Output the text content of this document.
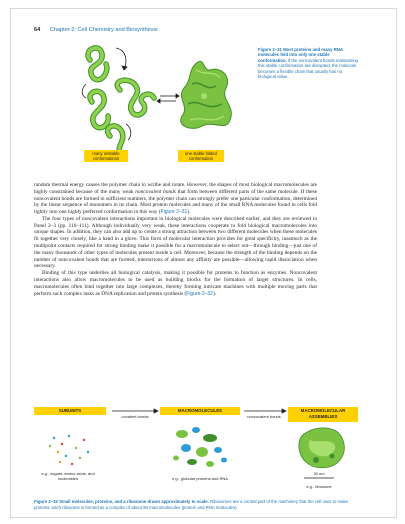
64 Chapter 2: Cell Chemistry and Biosynthesis
many unstable conformations
one stable folded conformation
Figure 2–31 Most proteins and many RNA molecules fold into only one stable conformation. If the noncovalent bonds maintaining this stable conformation are disrupted, the molecule becomes a flexible chain that usually has no biological value.

random thermal energy causes the polymer chain to writhe and rotate. However, the shapes of most biological macromolecules are highly constrained because of the many weak noncovalent bonds that form between different parts of the same molecule. If these noncovalent bonds are formed in sufficient numbers, the polymer chain can strongly prefer one particular conformation, determined by the linear sequence of monomers in its chain. Most protein molecules and many of the small RNA molecules found in cells fold tightly into one highly preferred conformation in this way (Figure 2–31).

The four types of noncovalent interactions important in biological molecules were described earlier, and they are reviewed in Panel 2–3 (pp. 110–111). Although individually very weak, these interactions cooperate to fold biological macromolecules into unique shapes. In addition, they can also add up to create a strong attraction between two different molecules when these molecules fit together very closely, like a hand in a glove. This form of molecular interaction provides for great specificity, inasmuch as the multipoint contacts required for strong binding make it possible for a macromolecule to select out—through binding—just one of the many thousands of other types of molecules present inside a cell. Moreover, because the strength of the binding depends on the number of noncovalent bonds that are formed, interactions of almost any affinity are possible—allowing rapid dissociation when necessary.

Binding of this type underlies all biological catalysis, making it possible for proteins to function as enzymes. Noncovalent interactions also allow macromolecules to be used as building blocks for the formation of larger structures. In cells, macromolecules often bind together into large complexes, thereby forming intricate machines with multiple moving parts that perform such complex tasks as DNA replication and protein synthesis (Figure 2–32).

SUBUNITS	MACROMOLECULES	MACROMOLECULAR ASSEMBLIES
covalent bonds	noncovalent bonds
e.g., sugars, amino acids, and nucleotides	e.g., globular proteins and RNA
30 nm
e.g., ribosome
Figure 2–32 Small molecules, proteins, and a ribosome drawn approximately to scale. Ribosomes are a central part of the machinery that the cell uses to make proteins: each ribosome is formed as a complex of about 90 macromolecules (protein and RNA molecules).
